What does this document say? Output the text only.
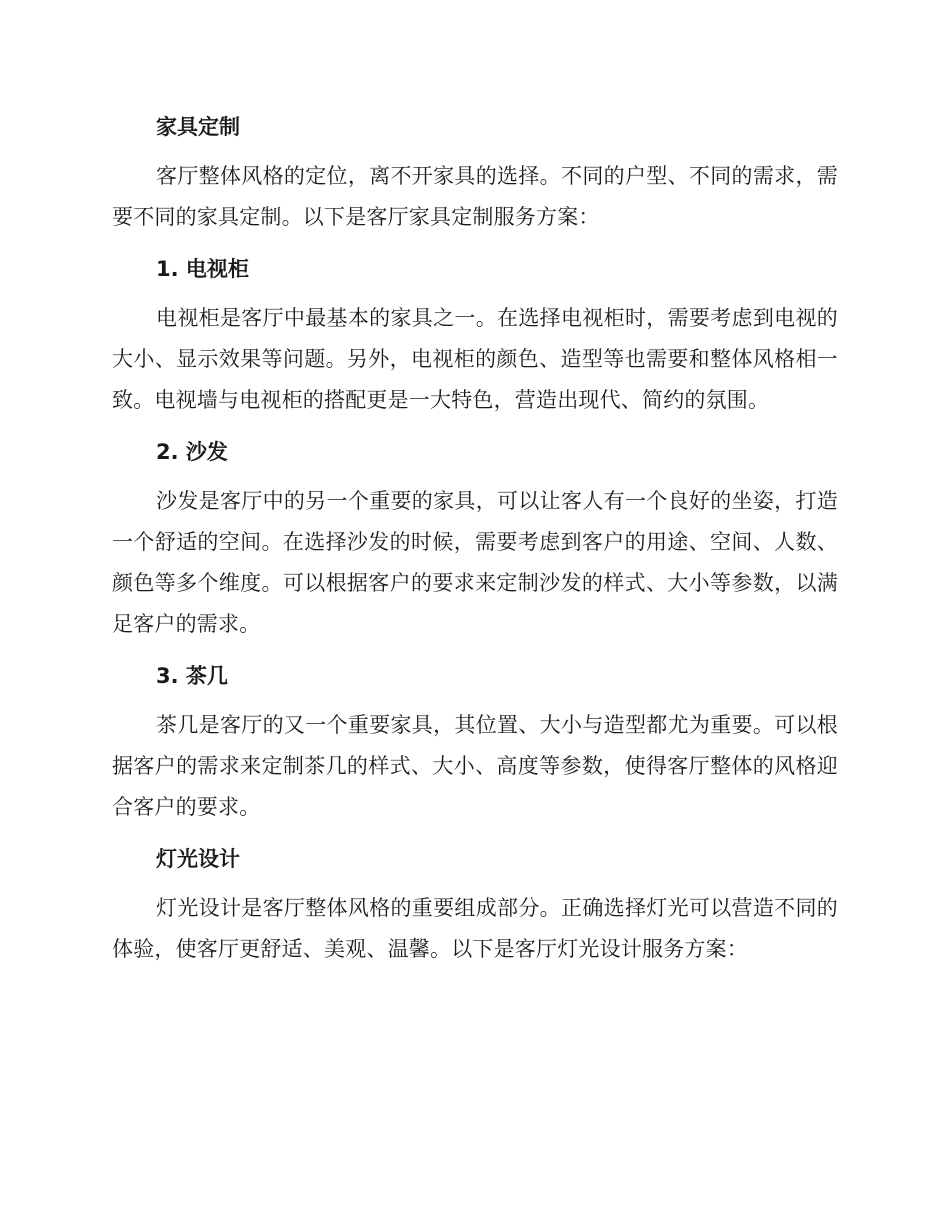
家具定制

客厅整体风格的定位，离不开家具的选择。不同的户型、不同的需求，需要不同的家具定制。以下是客厅家具定制服务方案：

1. 电视柜

电视柜是客厅中最基本的家具之一。在选择电视柜时，需要考虑到电视的大小、显示效果等问题。另外，电视柜的颜色、造型等也需要和整体风格相一致。电视墙与电视柜的搭配更是一大特色，营造出现代、简约的氛围。

2. 沙发

沙发是客厅中的另一个重要的家具，可以让客人有一个良好的坐姿，打造一个舒适的空间。在选择沙发的时候，需要考虑到客户的用途、空间、人数、颜色等多个维度。可以根据客户的要求来定制沙发的样式、大小等参数，以满足客户的需求。

3. 茶几

茶几是客厅的又一个重要家具，其位置、大小与造型都尤为重要。可以根据客户的需求来定制茶几的样式、大小、高度等参数，使得客厅整体的风格迎合客户的要求。

灯光设计

灯光设计是客厅整体风格的重要组成部分。正确选择灯光可以营造不同的体验，使客厅更舒适、美观、温馨。以下是客厅灯光设计服务方案：
